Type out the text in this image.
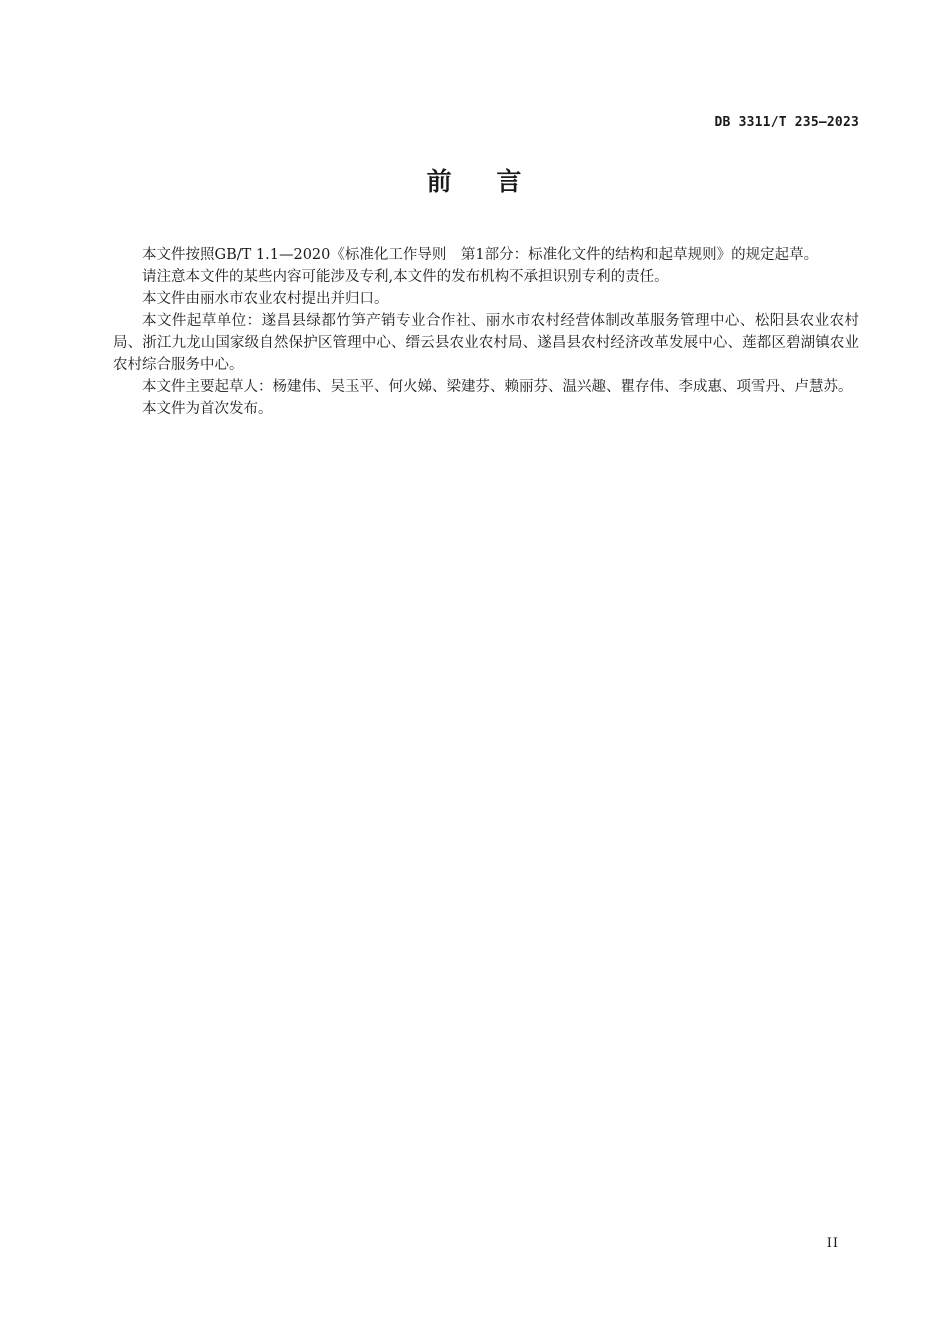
DB 3311/T 235—2023
前    言

本文件按照GB/T 1.1—2020《标准化工作导则　第1部分：标准化文件的结构和起草规则》的规定起草。

请注意本文件的某些内容可能涉及专利,本文件的发布机构不承担识别专利的责任。

本文件由丽水市农业农村提出并归口。

本文件起草单位：遂昌县绿都竹笋产销专业合作社、丽水市农村经营体制改革服务管理中心、松阳县农业农村局、浙江九龙山国家级自然保护区管理中心、缙云县农业农村局、遂昌县农村经济改革发展中心、莲都区碧湖镇农业农村综合服务中心。

本文件主要起草人：杨建伟、吴玉平、何火娣、梁建芬、赖丽芬、温兴趣、瞿存伟、李成惠、项雪丹、卢慧苏。

本文件为首次发布。

II
